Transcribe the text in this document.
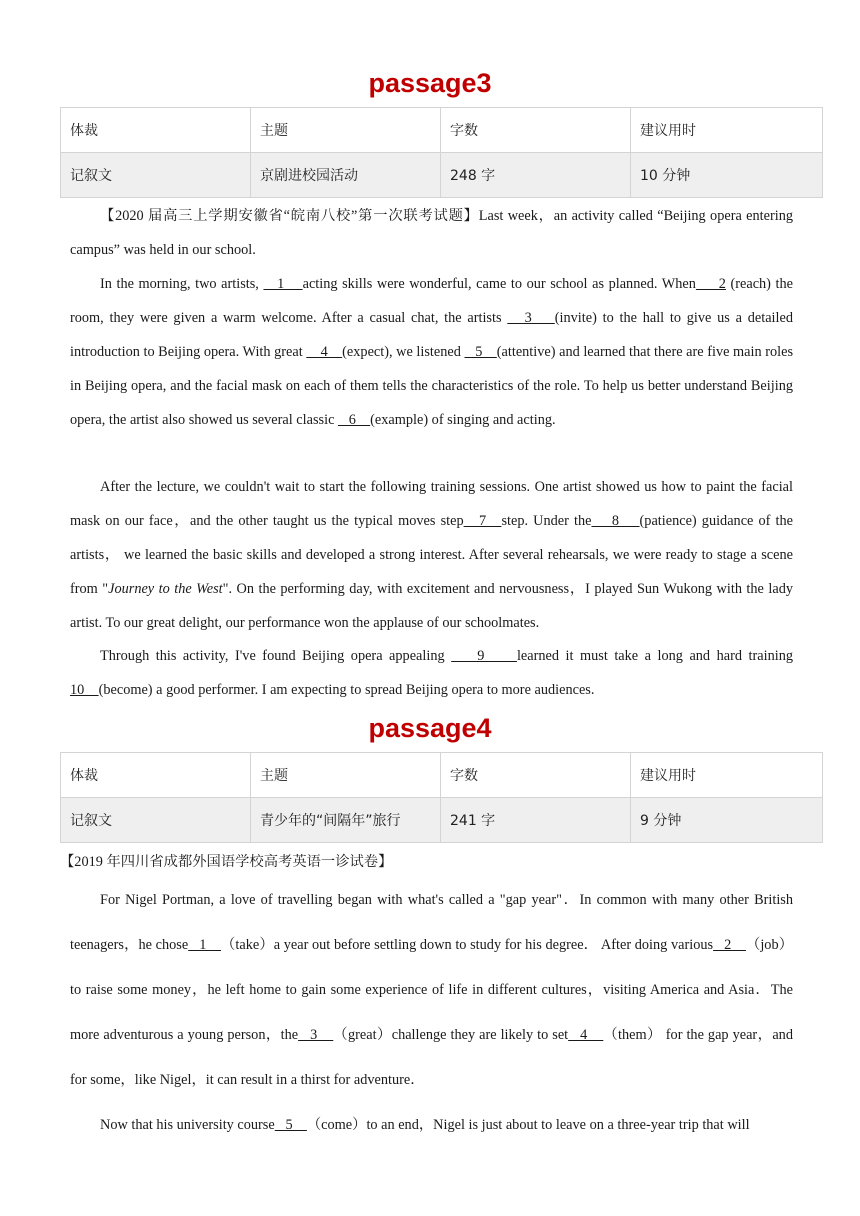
passage3
体裁	主题	字数	建议用时
记叙文	京剧进校园活动	248 字	10 分钟

【2020 届高三上学期安徽省“皖南八校”第一次联考试题】Last week，an activity called “Beijing opera entering campus” was held in our school.

In the morning, two artists,    1    acting skills were wonderful, came to our school as planned. When     2 (reach) the room, they were given a warm welcome. After a casual chat, the artists    3    (invite) to the hall to give us a detailed introduction to Beijing opera. With great     4    (expect), we listened    5    (attentive) and learned that there are five main roles in Beijing opera, and the facial mask on each of them tells the characteristics of the role. To help us better understand Beijing opera, the artist also showed us several classic    6    (example) of singing and acting.

After the lecture, we couldn't wait to start the following training sessions. One artist showed us how to paint the facial mask on our face，and the other taught us the typical moves step   7   step. Under the    8    (patience) guidance of the artists， we learned the basic skills and developed a strong interest. After several rehearsals, we were ready to stage a scene from "Journey to the West". On the performing day, with excitement and nervousness，I played Sun Wukong with the lady artist. To our great delight, our performance won the applause of our schoolmates.

Through this activity, I've found Beijing opera appealing     9     learned it must take a long and hard training 10    (become) a good performer. I am expecting to spread Beijing opera to more audiences.

passage4
体裁	主题	字数	建议用时
记叙文	青少年的“间隔年”旅行	241 字	9 分钟

【2019 年四川省成都外国语学校高考英语一诊试卷】

For Nigel Portman, a love of travelling began with what's called a "gap year"．In common with many other British teenagers，he chose   1    （take）a year out before settling down to study for his degree． After doing various   2    （job）to raise some money，he left home to gain some experience of life in different cultures，visiting America and Asia．The more adventurous a young person，the   3    （great）challenge they are likely to set   4    （them） for the gap year，and for some，like Nigel，it can result in a thirst for adventure．

Now that his university course   5    （come）to an end，Nigel is just about to leave on a three-year trip that will
